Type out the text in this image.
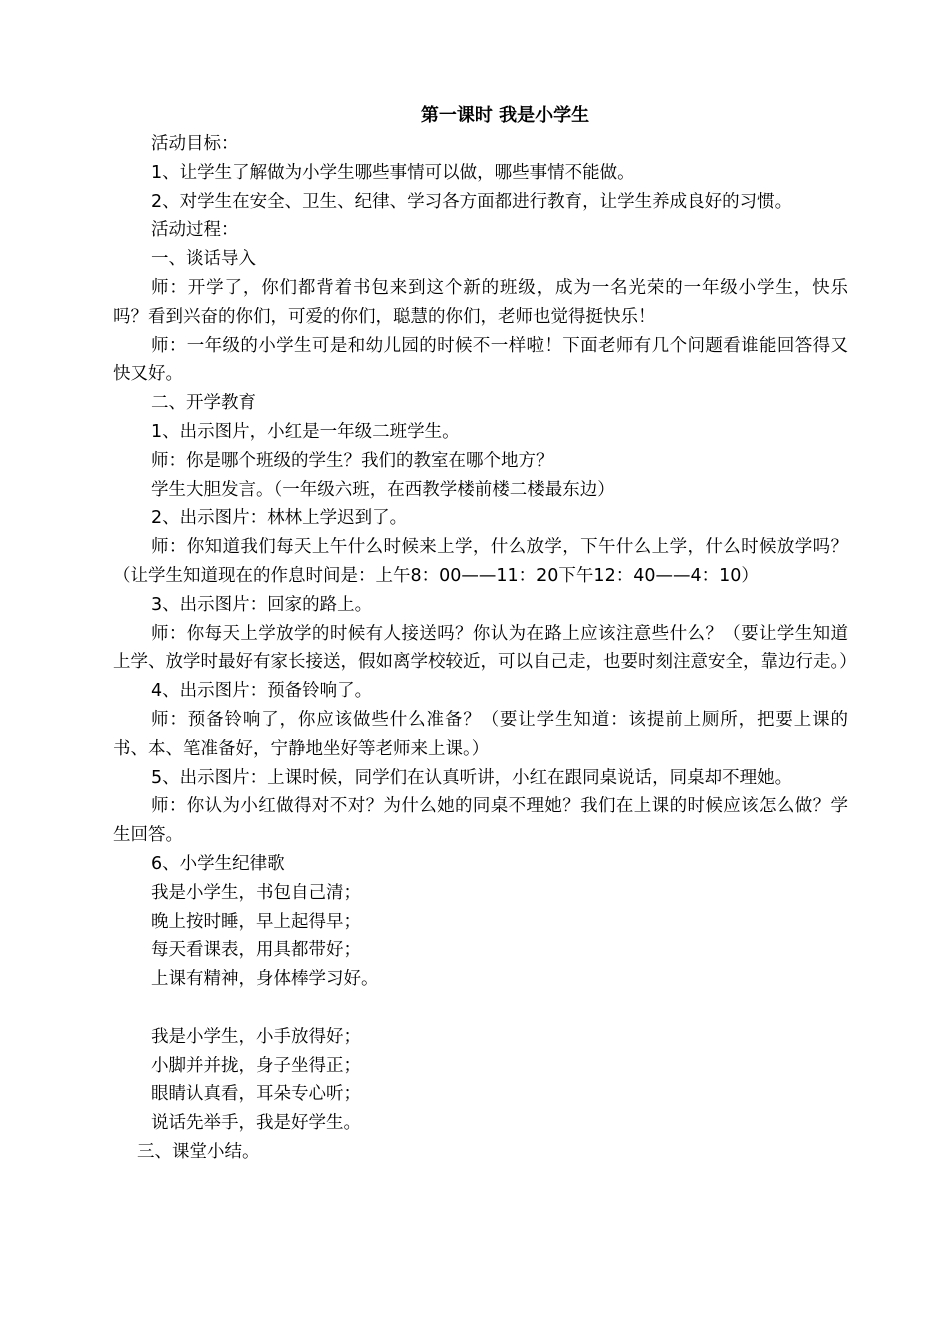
第一课时 我是小学生

活动目标：

1、让学生了解做为小学生哪些事情可以做，哪些事情不能做。

2、对学生在安全、卫生、纪律、学习各方面都进行教育，让学生养成良好的习惯。

活动过程：

一、谈话导入

师：开学了，你们都背着书包来到这个新的班级，成为一名光荣的一年级小学生，快乐吗？看到兴奋的你们，可爱的你们，聪慧的你们，老师也觉得挺快乐！

师：一年级的小学生可是和幼儿园的时候不一样啦！下面老师有几个问题看谁能回答得又快又好。

二、开学教育

1、出示图片，小红是一年级二班学生。

师：你是哪个班级的学生？我们的教室在哪个地方？

学生大胆发言。（一年级六班，在西教学楼前楼二楼最东边）

2、出示图片：林林上学迟到了。

师：你知道我们每天上午什么时候来上学，什么放学，下午什么上学，什么时候放学吗？（让学生知道现在的作息时间是：上午8：00——11：20下午12：40——4：10）

3、出示图片：回家的路上。

师：你每天上学放学的时候有人接送吗？你认为在路上应该注意些什么？（要让学生知道上学、放学时最好有家长接送，假如离学校较近，可以自己走，也要时刻注意安全，靠边行走。）

4、出示图片：预备铃响了。

师：预备铃响了，你应该做些什么准备？（要让学生知道：该提前上厕所，把要上课的书、本、笔准备好，宁静地坐好等老师来上课。）

5、出示图片：上课时候，同学们在认真听讲，小红在跟同桌说话，同桌却不理她。

师：你认为小红做得对不对？为什么她的同桌不理她？我们在上课的时候应该怎么做？学生回答。

6、小学生纪律歌

我是小学生，书包自己清；

晚上按时睡，早上起得早；

每天看课表，用具都带好；

上课有精神，身体棒学习好。

我是小学生，小手放得好；

小脚并并拢，身子坐得正；

眼睛认真看，耳朵专心听；

说话先举手，我是好学生。

三、课堂小结。
